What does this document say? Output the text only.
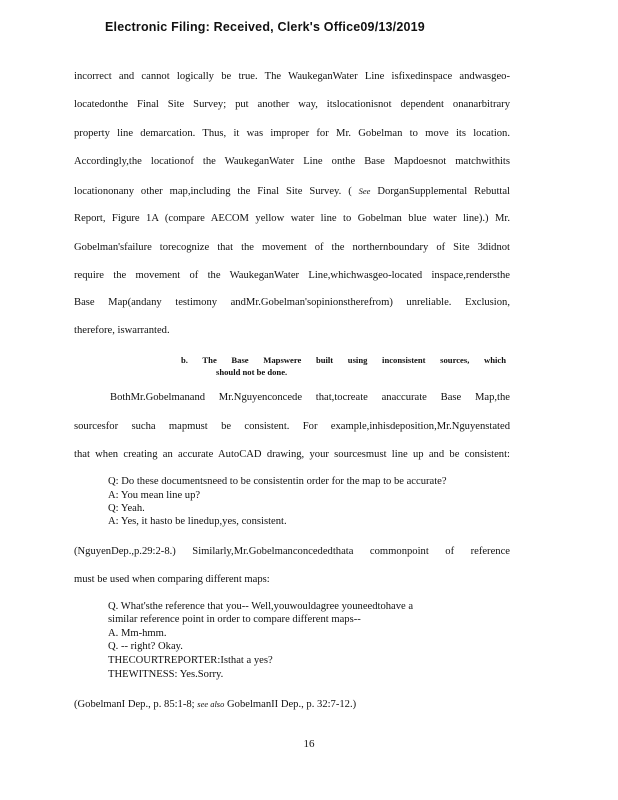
Electronic Filing: Received, Clerk's Office09/13/2019
incorrect and cannot logically be true. The WaukeganWater Line isfixedinspace andwasgeo-
locatedonthe Final Site Survey; put another way, itslocationisnot dependent onanarbitrary
property line demarcation. Thus, it was improper for Mr. Gobelman to move its location.
Accordingly,the locationof the WaukeganWater Line onthe Base Mapdoesnot matchwithits
locationonany other map,including the Final Site Survey. ( See DorganSupplemental Rebuttal
Report, Figure 1A (compare AECOM yellow water line to Gobelman blue water line).) Mr.
Gobelman'sfailure torecognize that the movement of the northernboundary of Site 3didnot
require the movement of the WaukeganWater Line,whichwasgeo-located inspace,rendersthe
Base Map(andany testimony andMr.Gobelman'sopinionstherefrom) unreliable. Exclusion,
therefore, iswarranted.
b. The Base Mapswere built using inconsistent sources, which
should not be done.
BothMr.Gobelmanand Mr.Nguyenconcede that,tocreate anaccurate Base Map,the
sourcesfor sucha mapmust be consistent. For example,inhisdeposition,Mr.Nguyenstated
that when creating an accurate AutoCAD drawing, your sourcesmust line up and be consistent:
Q: Do these documentsneed to be consistentin order for the map to be accurate?
A: You mean line up?
Q: Yeah.
A: Yes, it hasto be linedup,yes, consistent.
(NguyenDep.,p.29:2-8.) Similarly,Mr.Gobelmanconcededthata commonpoint of reference
must be used when comparing different maps:
Q. What'sthe reference that you-- Well,youwouldagree youneedtohave a
similar reference point in order to compare different maps--
A. Mm-hmm.
Q. -- right? Okay.
THECOURTREPORTER:Isthat a yes?
THEWITNESS: Yes.Sorry.
(GobelmanI Dep., p. 85:1-8; see also GobelmanII Dep., p. 32:7-12.)
16
